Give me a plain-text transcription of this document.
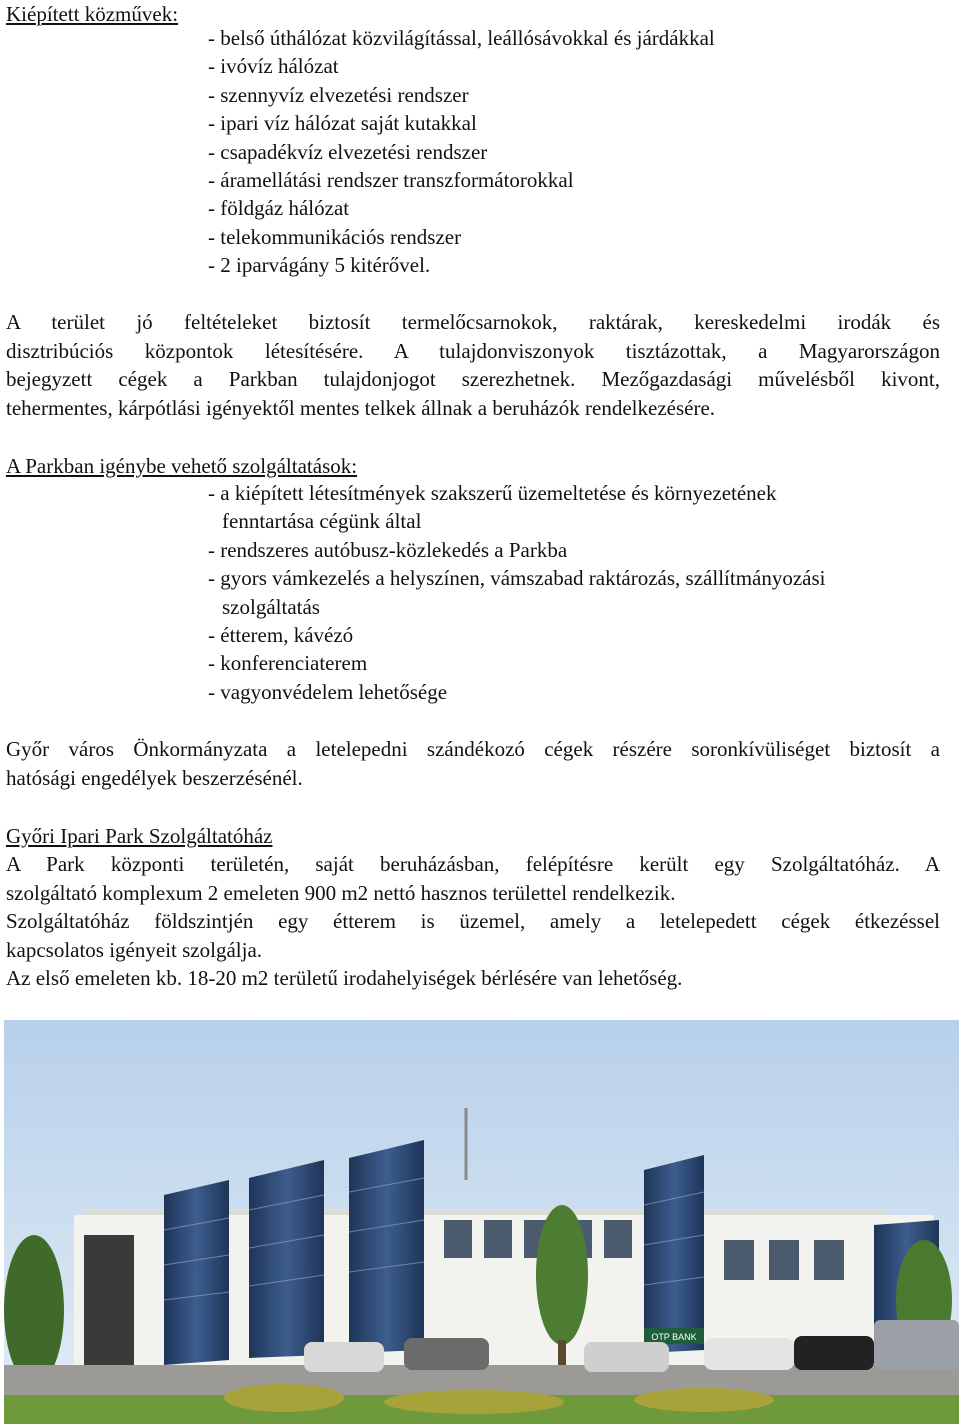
Kiépített közművek:
- belső úthálózat közvilágítással, leállósávokkal és járdákkal
- ivóvíz hálózat
- szennyvíz elvezetési rendszer
- ipari víz hálózat saját kutakkal
- csapadékvíz elvezetési rendszer
- áramellátási rendszer transzformátorokkal
- földgáz hálózat
- telekommunikációs rendszer
- 2 iparvágány 5 kitérővel.

A terület jó feltételeket biztosít termelőcsarnokok, raktárak, kereskedelmi irodák és
disztribúciós központok létesítésére. A tulajdonviszonyok tisztázottak, a Magyarországon
bejegyzett cégek a Parkban tulajdonjogot szerezhetnek. Mezőgazdasági művelésből kivont,
tehermentes, kárpótlási igényektől mentes telkek állnak a beruházók rendelkezésére.

A Parkban igénybe vehető szolgáltatások:
- a kiépített létesítmények szakszerű üzemeltetése és környezetének
fenntartása cégünk által
- rendszeres autóbusz-közlekedés a Parkba
- gyors vámkezelés a helyszínen, vámszabad raktározás, szállítmányozási
szolgáltatás
- étterem, kávézó
- konferenciaterem
- vagyonvédelem lehetősége

Győr város Önkormányzata a letelepedni szándékozó cégek részére soronkívüliséget biztosít a
hatósági engedélyek beszerzésénél.

Győri Ipari Park Szolgáltatóház

A Park központi területén, saját beruházásban, felépítésre került egy Szolgáltatóház. A
szolgáltató komplexum 2 emeleten 900 m2 nettó hasznos területtel rendelkezik.
Szolgáltatóház földszintjén egy étterem is üzemel, amely a letelepedett cégek étkezéssel
kapcsolatos igényeit szolgálja.
Az első emeleten kb. 18-20 m2 területű irodahelyiségek bérlésére van lehetőség.

OTP BANK
